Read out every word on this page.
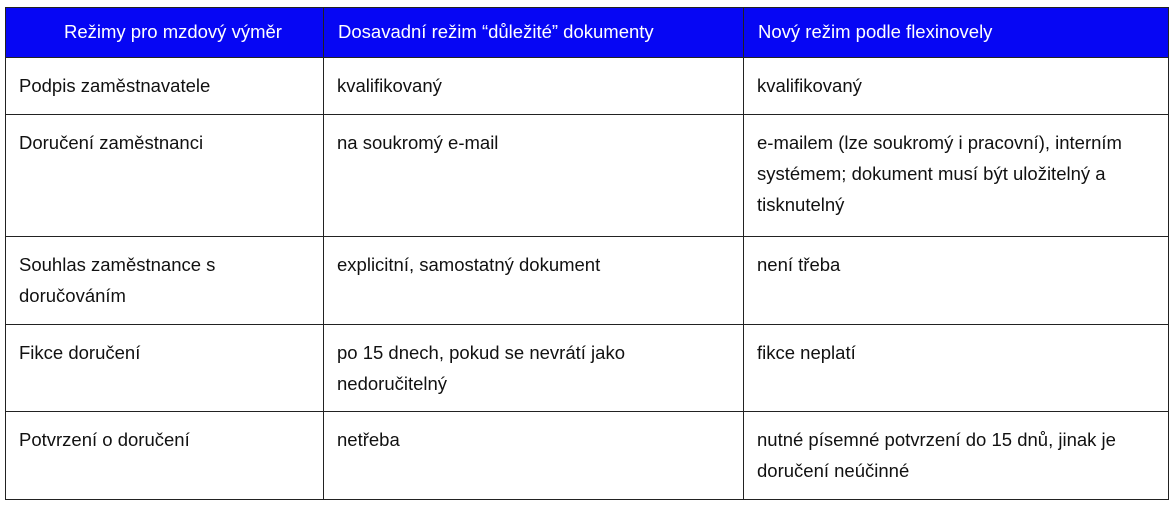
Režimy pro mzdový výměr	Dosavadní režim “důležité” dokumenty	Nový režim podle flexinovely
Podpis zaměstnavatele	kvalifikovaný	kvalifikovaný
Doručení zaměstnanci	na soukromý e-mail	e-mailem (lze soukromý i pracovní), interním systémem; dokument musí být uložitelný a tisknutelný
Souhlas zaměstnance s doručováním	explicitní, samostatný dokument	není třeba
Fikce doručení	po 15 dnech, pokud se nevrátí jako nedoručitelný	fikce neplatí
Potvrzení o doručení	netřeba	nutné písemné potvrzení do 15 dnů, jinak je doručení neúčinné
